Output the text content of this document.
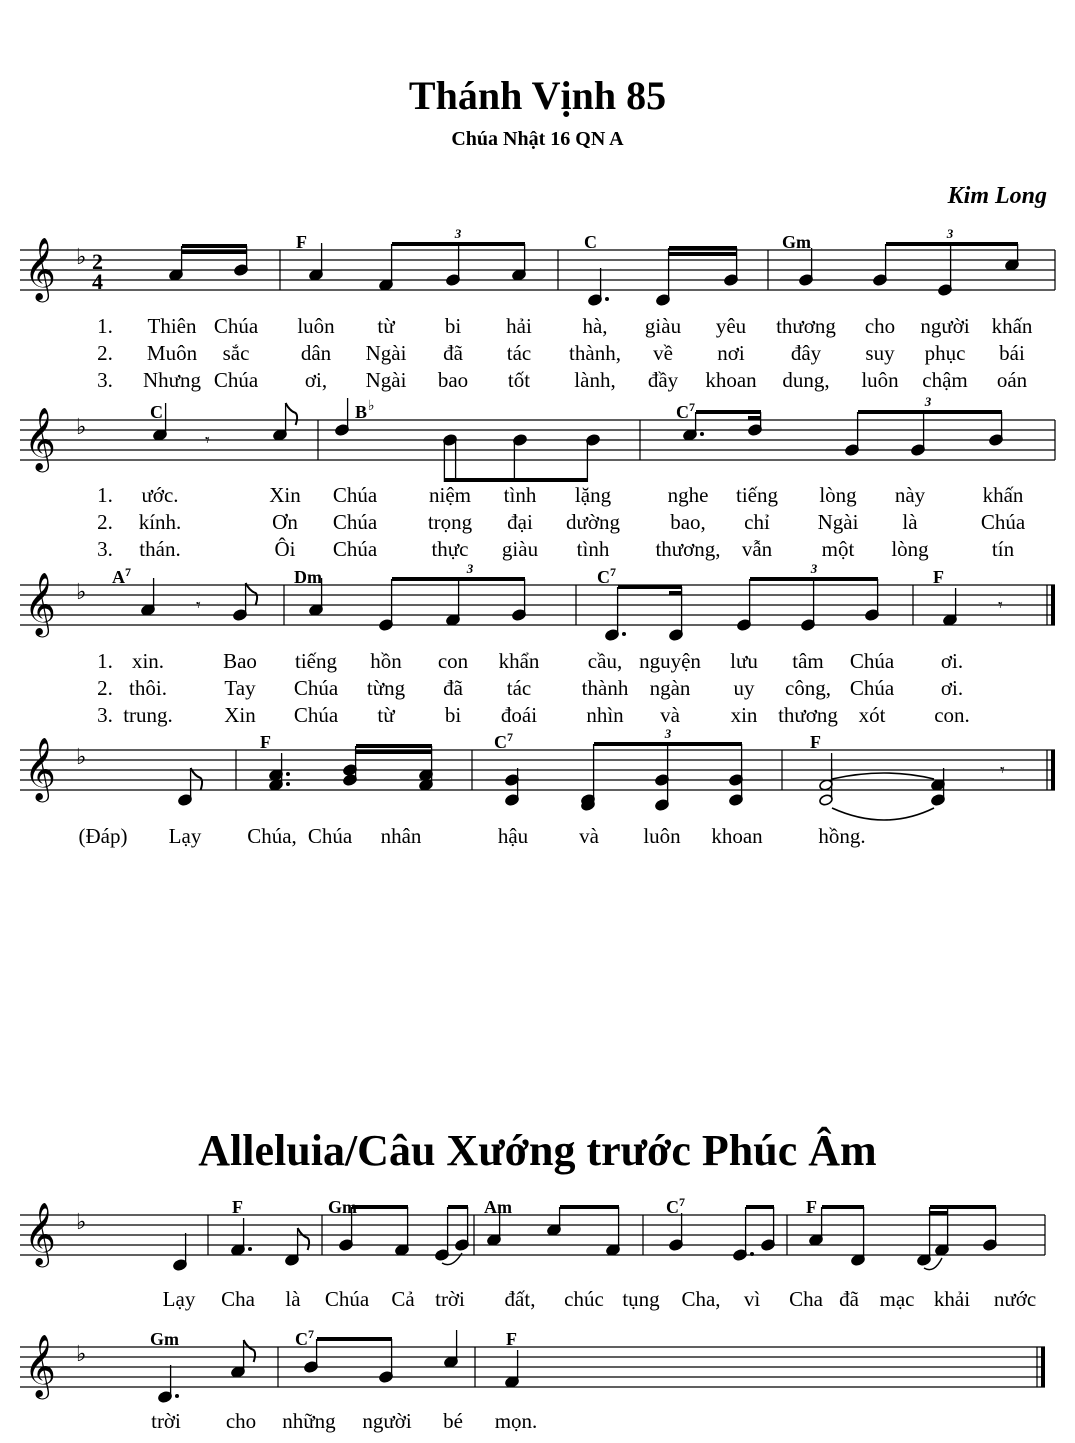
Thánh Vịnh 85
Chúa Nhật 16 QN A
Kim Long
Alleluia/Câu Xướng trước Phúc Âm
𝄞 ♭ 2
4
F	C	Gm
3	3
1. Thiên Chúa luôn từ bi hải hà, giàu yêu thương cho người khấn
2. Muôn sắc dân Ngài đã tác thành, về nơi đây suy phục bái
3. Nhưng Chúa ơi, Ngài bao tốt lành, đầy khoan dung, luôn chậm oán
𝄞 ♭
𝄾
C	B ♭	$C^7$	3
1. ước.	Xin Chúa niệm tình lặng	nghe tiếng lòng này	khấn
2. kính.	Ơn Chúa trọng đại dường bao, chỉ Ngài là	Chúa
3. thán.	Ôi Chúa	thực giàu tình thương, vẫn một lòng	tín
𝄞 ♭
𝄾	𝄾
$A^7$	Dm	$C^7$	F
3	3
1. xin.	Bao tiếng hồn con khẩn cầu, nguyện lưu tâm Chúa ơi.
2. thôi.	Tay Chúa từng đã tác thành ngàn uy công, Chúa ơi.
3. trung. Xin Chúa từ bi đoái nhìn và xin thương xót con.
𝄞 ♭
𝄾
F	$C^7$	F
3
(Đáp) Lạy Chúa, Chúa nhân	hậu và luôn khoan	hồng.
𝄞 ♭
F	Gm	Am	$C^7$	F
Lạy Cha là Chúa Cả trời đất, chúc tụng Cha, vì Cha đã mạc khải nước
𝄞 ♭
Gm	$C^7$	F
trời cho những người bé mọn.
